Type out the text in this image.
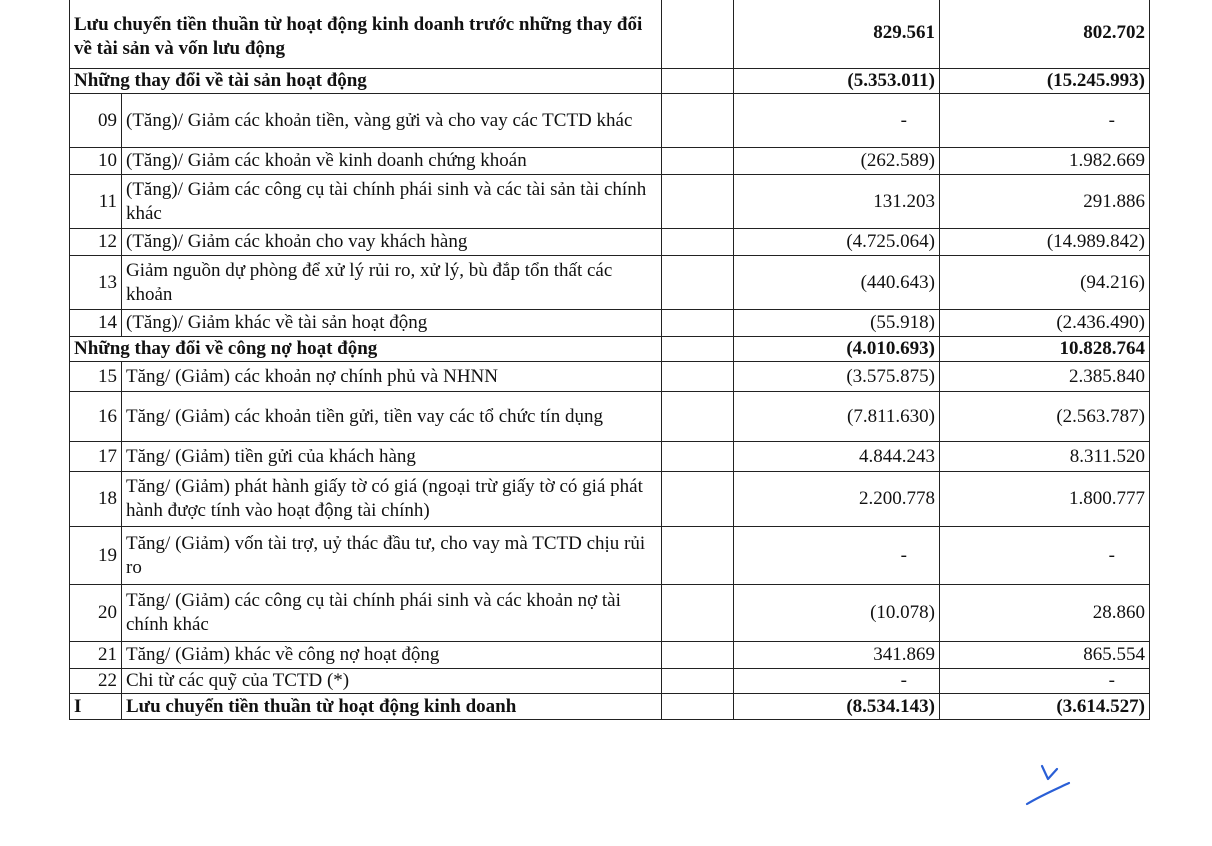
Lưu chuyển tiền thuần từ hoạt động kinh doanh trước những thay đổi về tài sản và vốn lưu động			829.561	802.702
Những thay đổi về tài sản hoạt động			(5.353.011)	(15.245.993)
09	(Tăng)/ Giảm các khoản tiền, vàng gửi và cho vay các TCTD khác		-	-
10	(Tăng)/ Giảm các khoản về kinh doanh chứng khoán		(262.589)	1.982.669
11	(Tăng)/ Giảm các công cụ tài chính phái sinh và các tài sản tài chính khác		131.203	291.886
12	(Tăng)/ Giảm các khoản cho vay khách hàng		(4.725.064)	(14.989.842)
13	Giảm nguồn dự phòng để xử lý rủi ro, xử lý, bù đắp tổn thất các khoản		(440.643)	(94.216)
14	(Tăng)/ Giảm khác về tài sản hoạt động		(55.918)	(2.436.490)
Những thay đổi về công nợ hoạt động			(4.010.693)	10.828.764
15	Tăng/ (Giảm) các khoản nợ chính phủ và NHNN		(3.575.875)	2.385.840
16	Tăng/ (Giảm) các khoản tiền gửi, tiền vay các tổ chức tín dụng		(7.811.630)	(2.563.787)
17	Tăng/ (Giảm) tiền gửi của khách hàng		4.844.243	8.311.520
18	Tăng/ (Giảm) phát hành giấy tờ có giá (ngoại trừ giấy tờ có giá phát hành được tính vào hoạt động tài chính)		2.200.778	1.800.777
19	Tăng/ (Giảm) vốn tài trợ, uỷ thác đầu tư, cho vay mà TCTD chịu rủi ro		-	-
20	Tăng/ (Giảm) các công cụ tài chính phái sinh và các khoản nợ tài chính khác		(10.078)	28.860
21	Tăng/ (Giảm) khác về công nợ hoạt động		341.869	865.554
22	Chi từ các quỹ của TCTD (*)		-	-
I	Lưu chuyển tiền thuần từ hoạt động kinh doanh		(8.534.143)	(3.614.527)
